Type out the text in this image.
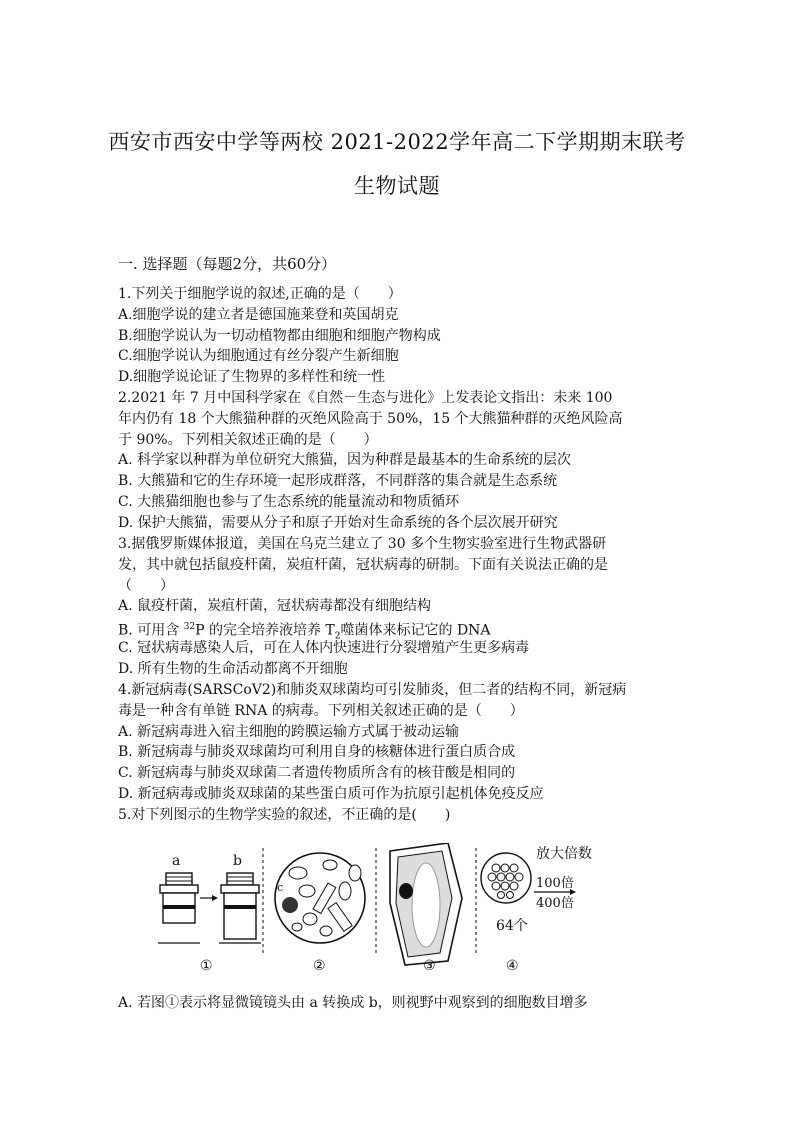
西安市西安中学等两校 2021-2022学年高二下学期期末联考
生物试题
一. 选择题（每题2分，共60分）
1.下列关于细胞学说的叙述,正确的是（　　）
A.细胞学说的建立者是德国施莱登和英国胡克
B.细胞学说认为一切动植物都由细胞和细胞产物构成
C.细胞学说认为细胞通过有丝分裂产生新细胞
D.细胞学说论证了生物界的多样性和统一性
2.2021 年 7 月中国科学家在《自然－生态与进化》上发表论文指出：未来 100
年内仍有 18 个大熊猫种群的灭绝风险高于 50%，15 个大熊猫种群的灭绝风险高
于 90%。下列相关叙述正确的是（　　）
A. 科学家以种群为单位研究大熊猫，因为种群是最基本的生命系统的层次
B. 大熊猫和它的生存环境一起形成群落，不同群落的集合就是生态系统
C. 大熊猫细胞也参与了生态系统的能量流动和物质循环
D. 保护大熊猫，需要从分子和原子开始对生命系统的各个层次展开研究
3.据俄罗斯媒体报道，美国在乌克兰建立了 30 多个生物实验室进行生物武器研
发，其中就包括鼠疫杆菌，炭疽杆菌，冠状病毒的研制。下面有关说法正确的是
（　　）
A. 鼠疫杆菌，炭疽杆菌，冠状病毒都没有细胞结构
B. 可用含 $^{32}$P 的完全培养液培养 $T_2$噬菌体来标记它的 DNA
C. 冠状病毒感染人后，可在人体内快速进行分裂增殖产生更多病毒
D. 所有生物的生命活动都离不开细胞
4.新冠病毒(SARSCoV2)和肺炎双球菌均可引发肺炎，但二者的结构不同，新冠病
毒是一种含有单链 RNA 的病毒。下列相关叙述正确的是（　　）
A. 新冠病毒进入宿主细胞的跨膜运输方式属于被动运输
B. 新冠病毒与肺炎双球菌均可利用自身的核糖体进行蛋白质合成
C. 新冠病毒与肺炎双球菌二者遗传物质所含有的核苷酸是相同的
D. 新冠病毒或肺炎双球菌的某些蛋白质可作为抗原引起机体免疫反应
5.对下列图示的生物学实验的叙述，不正确的是(　　)
a	b
c
放大倍数
100倍
400倍
64个
①	②	③	④
A. 若图①表示将显微镜镜头由 a 转换成 b，则视野中观察到的细胞数目增多
